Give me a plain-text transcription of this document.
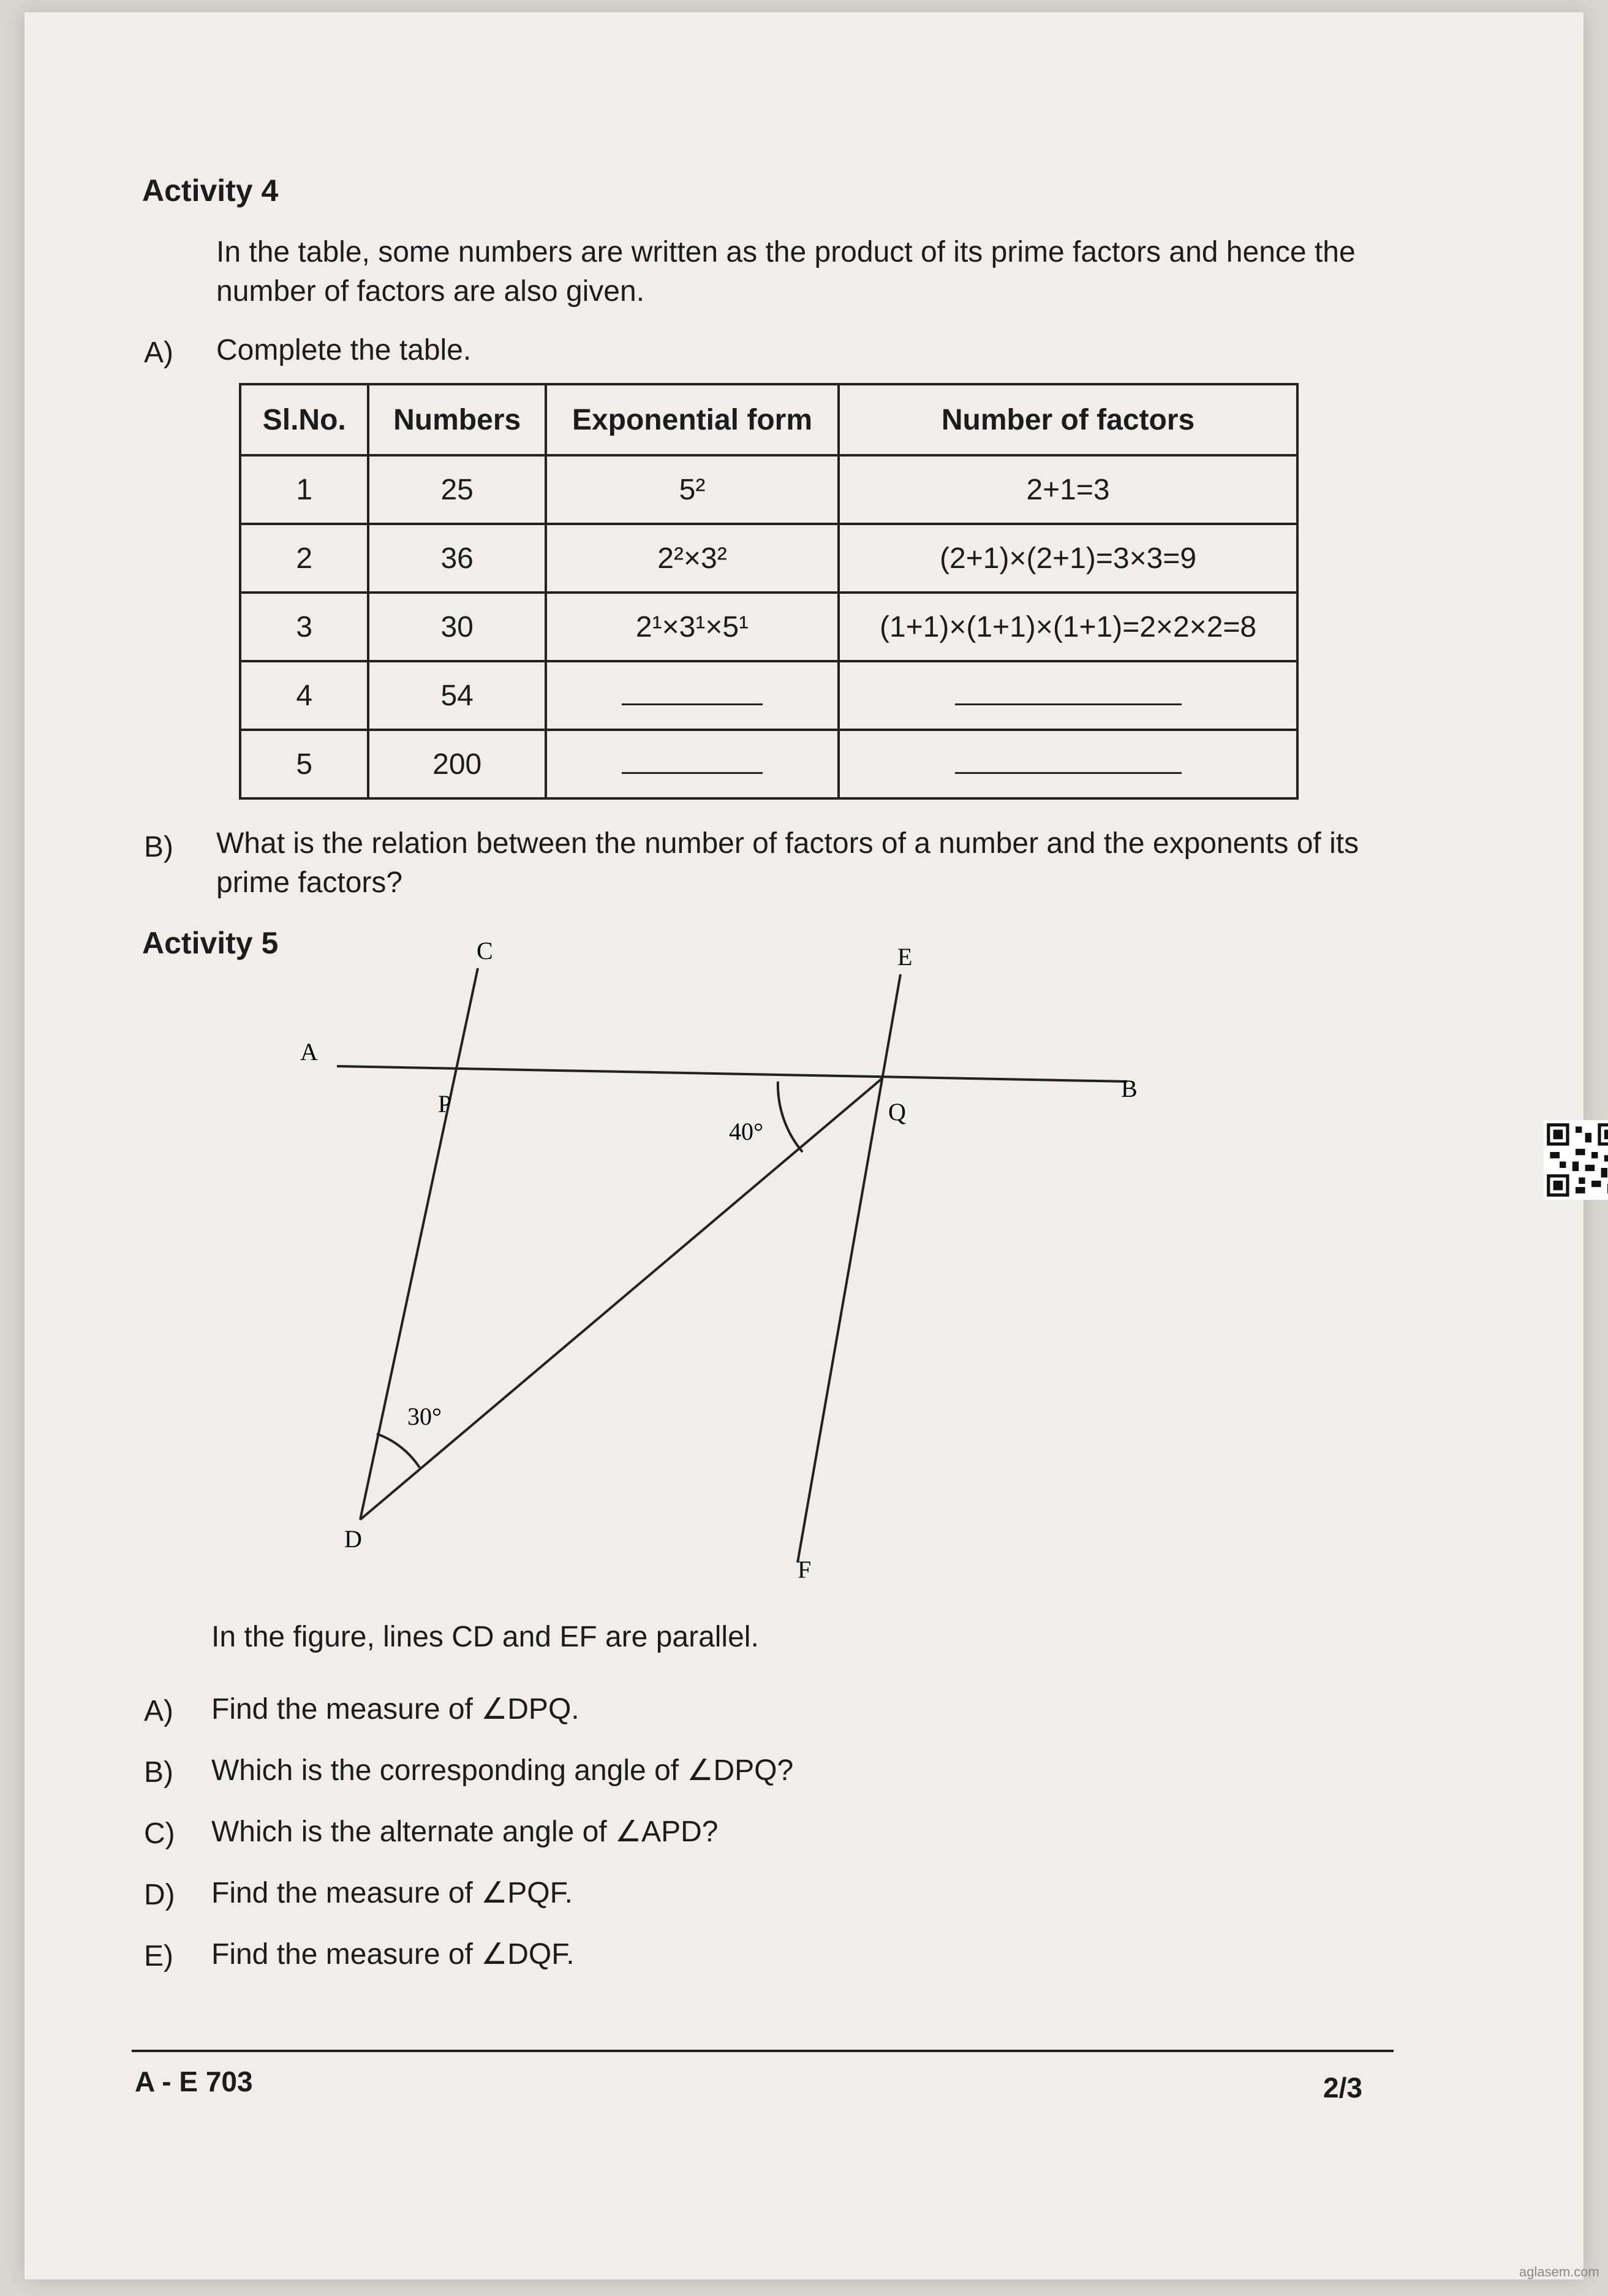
Activity 4
In the table, some numbers are written as the product of its prime factors and hence the number of factors are also given.
A) Complete the table.
Sl.No.	Numbers	Exponential form	Number of factors
1	25	5²	2+1=3
2	36	2²×3²	(2+1)×(2+1)=3×3=9
3	30	2¹×3¹×5¹	(1+1)×(1+1)×(1+1)=2×2×2=8
4	54		
5	200		
B) What is the relation between the number of factors of a number and the exponents of its prime factors?
Activity 5	C	E
A
B
P	Q
D
F
40°
30°
In the figure, lines CD and EF are parallel.
A) Find the measure of ∠DPQ.
B) Which is the corresponding angle of ∠DPQ?
C) Which is the alternate angle of ∠APD?
D) Find the measure of ∠PQF.
E) Find the measure of ∠DQF.
A - E 703	2/3
aglasem.com
